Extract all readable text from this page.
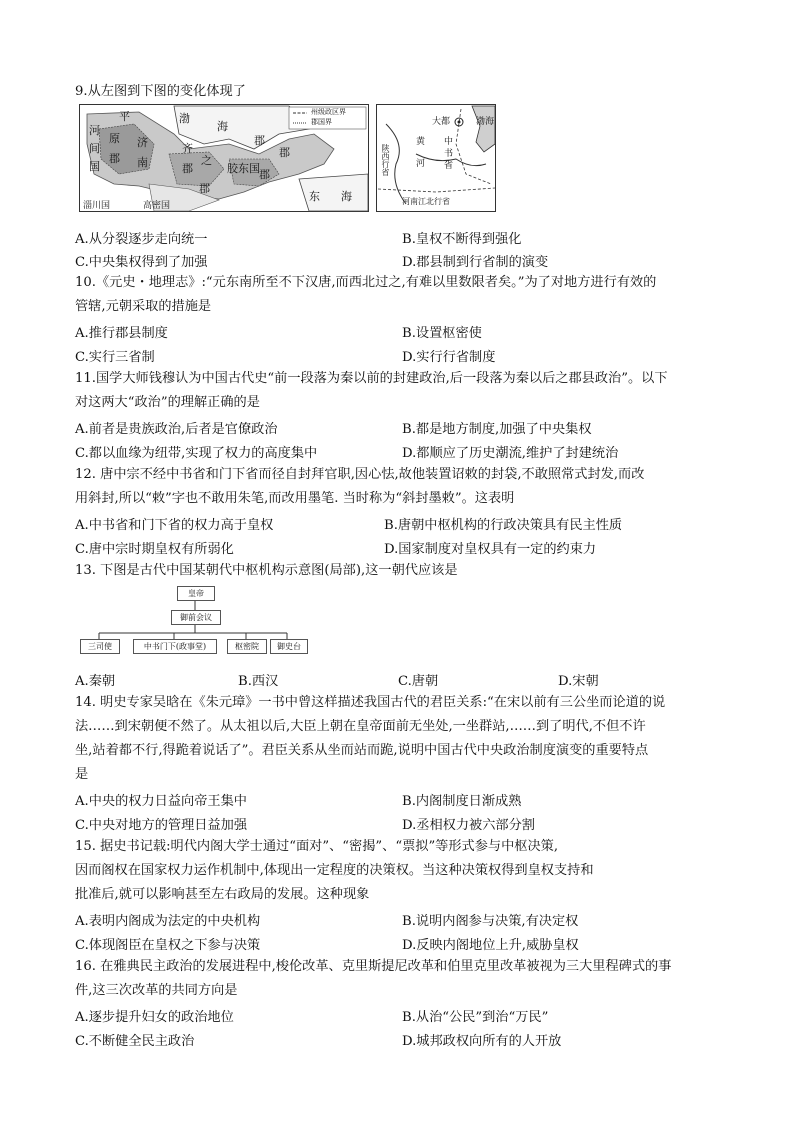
9.从左图到下图的变化体现了
州级政区界
郡国界
河
间
国
平
原
郡
济
南
齐
郡
之
胶东国
渤
海
东 海
淄川国	高密国
郡
郡
郡
郡
大都	渤海
中
书
省
黄
河
陕西行省
河南江北行省
A.从分裂逐步走向统一	B.皇权不断得到强化
C.中央集权得到了加强	D.郡县制到行省制的演变
10.《元史・地理志》:“元东南所至不下汉唐,而西北过之,有难以里数限者矣。”为了对地方进行有效的
管辖,元朝采取的措施是
A.推行郡县制度	B.设置枢密使
C.实行三省制	D.实行行省制度
11.国学大师钱穆认为中国古代史“前一段落为秦以前的封建政治,后一段落为秦以后之郡县政治”。以下
对这两大“政治”的理解正确的是
A.前者是贵族政治,后者是官僚政治	B.都是地方制度,加强了中央集权
C.都以血缘为纽带,实现了权力的高度集中	D.都顺应了历史潮流,维护了封建统治
12. 唐中宗不经中书省和门下省而径自封拜官职,因心怯,故他装置诏敕的封袋,不敢照常式封发,而改
用斜封,所以“敕”字也不敢用朱笔,而改用墨笔. 当时称为“斜封墨敕”。这表明
A.中书省和门下省的权力高于皇权	B.唐朝中枢机构的行政决策具有民主性质
C.唐中宗时期皇权有所弱化	D.国家制度对皇权具有一定的约束力
13. 下图是古代中国某朝代中枢机构示意图(局部),这一朝代应该是
皇帝
御前会议
三司使	中书门下(政事堂)	枢密院	御史台
A.秦朝	B.西汉	C.唐朝	D.宋朝
14. 明史专家吴晗在《朱元璋》一书中曾这样描述我国古代的君臣关系:“在宋以前有三公坐而论道的说
法……到宋朝便不然了。从太祖以后,大臣上朝在皇帝面前无坐处,一坐群站,……到了明代,不但不许
坐,站着都不行,得跪着说话了”。君臣关系从坐而站而跪,说明中国古代中央政治制度演变的重要特点
是
A.中央的权力日益向帝王集中	B.内阁制度日渐成熟
C.中央对地方的管理日益加强	D.丞相权力被六部分割
15. 据史书记载:明代内阁大学士通过“面对”、“密揭”、“票拟”等形式参与中枢决策,
因而阁权在国家权力运作机制中,体现出一定程度的决策权。当这种决策权得到皇权支持和
批准后,就可以影响甚至左右政局的发展。这种现象
A.表明内阁成为法定的中央机构	B.说明内阁参与决策,有决定权
C.体现阁臣在皇权之下参与决策	D.反映内阁地位上升,威胁皇权
16. 在雅典民主政治的发展进程中,梭伦改革、克里斯提尼改革和伯里克里改革被视为三大里程碑式的事
件,这三次改革的共同方向是
A.逐步提升妇女的政治地位	B.从治“公民”到治“万民”
C.不断健全民主政治	D.城邦政权向所有的人开放
